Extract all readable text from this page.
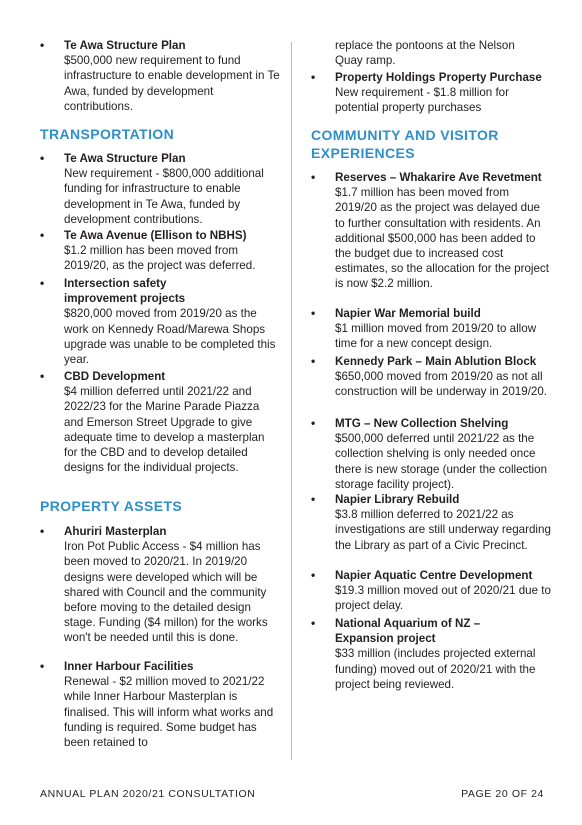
• Te Awa Structure Plan
$500,000 new requirement to fund infrastructure to enable development in Te Awa, funded by development contributions.
TRANSPORTATION
• Te Awa Structure Plan
New requirement - $800,000 additional funding for infrastructure to enable development in Te Awa, funded by development contributions.
• Te Awa Avenue (Ellison to NBHS)
$1.2 million has been moved from 2019/20, as the project was deferred.
• Intersection safety improvement projects
$820,000 moved from 2019/20 as the work on Kennedy Road/Marewa Shops upgrade was unable to be completed this year.
• CBD Development
$4 million deferred until 2021/22 and 2022/23 for the Marine Parade Piazza and Emerson Street Upgrade to give adequate time to develop a masterplan for the CBD and to develop detailed designs for the individual projects.
PROPERTY ASSETS
• Ahuriri Masterplan
Iron Pot Public Access - $4 million has been moved to 2020/21. In 2019/20 designs were developed which will be shared with Council and the community before moving to the detailed design stage. Funding ($4 millon) for the works won't be needed until this is done.
• Inner Harbour Facilities
Renewal - $2 million moved to 2021/22 while Inner Harbour Masterplan is finalised. This will inform what works and funding is required. Some budget has been retained to
replace the pontoons at the Nelson Quay ramp.
• Property Holdings Property Purchase
New requirement - $1.8 million for potential property purchases
COMMUNITY AND VISITOR EXPERIENCES
• Reserves – Whakarire Ave Revetment
$1.7 million has been moved from 2019/20 as the project was delayed due to further consultation with residents. An additional $500,000 has been added to the budget due to increased cost estimates, so the allocation for the project is now $2.2 million.
• Napier War Memorial build
$1 million moved from 2019/20 to allow time for a new concept design.
• Kennedy Park – Main Ablution Block
$650,000 moved from 2019/20 as not all construction will be underway in 2019/20.
• MTG – New Collection Shelving
$500,000 deferred until 2021/22 as the collection shelving is only needed once there is new storage (under the collection storage facility project).
• Napier Library Rebuild
$3.8 million deferred to 2021/22 as investigations are still underway regarding the Library as part of a Civic Precinct.
• Napier Aquatic Centre Development
$19.3 million moved out of 2020/21 due to project delay.
• National Aquarium of NZ – Expansion project
$33 million (includes projected external funding) moved out of 2020/21 with the project being reviewed.
ANNUAL PLAN 2020/21 CONSULTATION	PAGE 20 OF 24
